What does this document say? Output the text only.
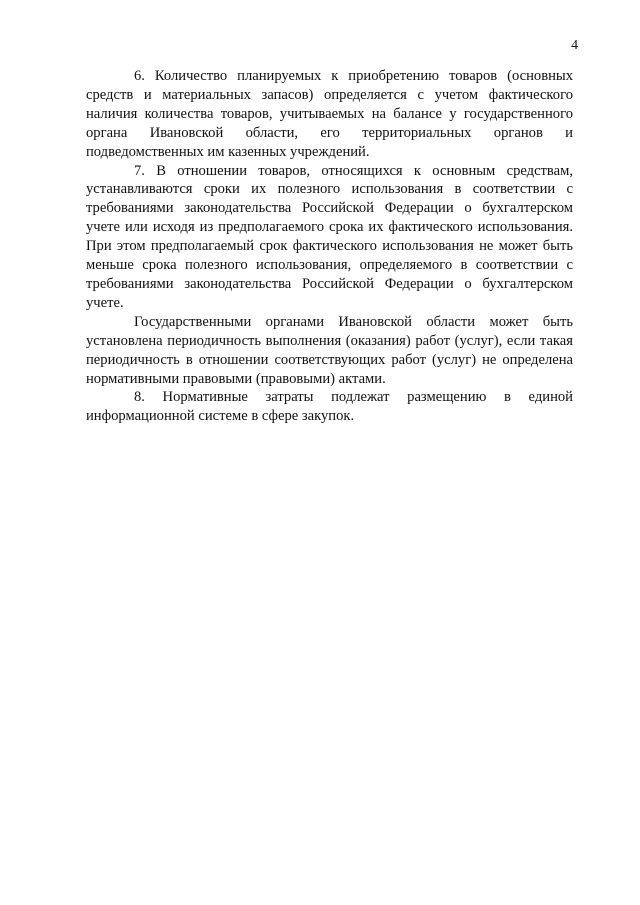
4

6. Количество планируемых к приобретению товаров (основных средств и материальных запасов) определяется с учетом фактического наличия количества товаров, учитываемых на балансе у государственного органа Ивановской области, его территориальных органов и подведомственных им казенных учреждений.

7. В отношении товаров, относящихся к основным средствам, устанавливаются сроки их полезного использования в соответствии с требованиями законодательства Российской Федерации о бухгалтерском учете или исходя из предполагаемого срока их фактического использования. При этом предполагаемый срок фактического использования не может быть меньше срока полезного использования, определяемого в соответствии с требованиями законодательства Российской Федерации о бухгалтерском учете.

Государственными органами Ивановской области может быть установлена периодичность выполнения (оказания) работ (услуг), если такая периодичность в отношении соответствующих работ (услуг) не определена нормативными правовыми (правовыми) актами.

8. Нормативные затраты подлежат размещению в единой информационной системе в сфере закупок.
